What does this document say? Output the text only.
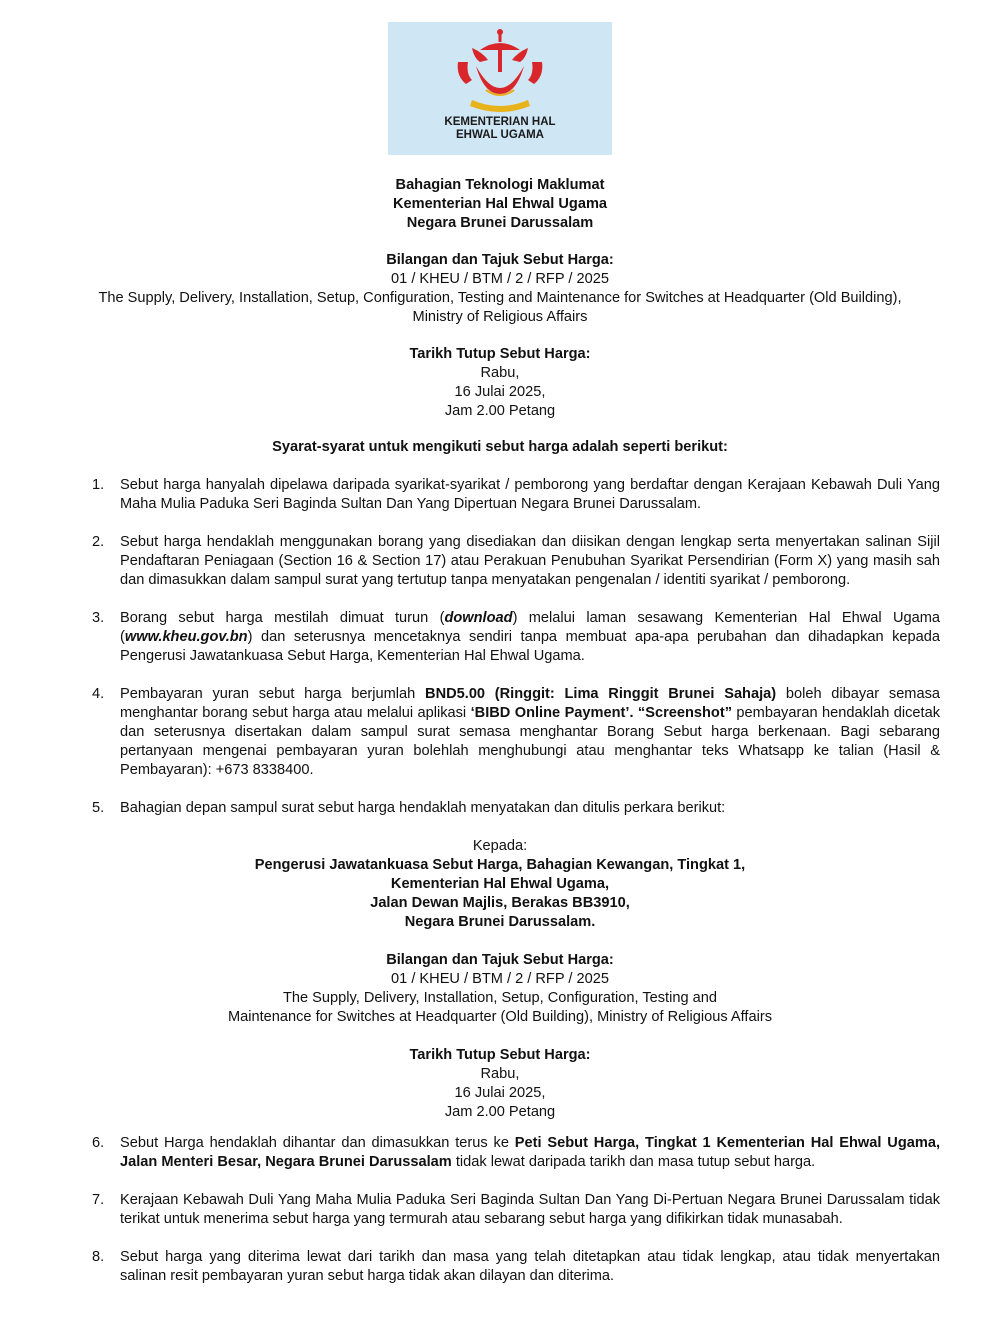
KEMENTERIAN HAL
EHWAL UGAMA
Bahagian Teknologi Maklumat
Kementerian Hal Ehwal Ugama
Negara Brunei Darussalam
Bilangan dan Tajuk Sebut Harga:
01 / KHEU / BTM / 2 / RFP / 2025
The Supply, Delivery, Installation, Setup, Configuration, Testing and Maintenance for Switches at Headquarter (Old Building),
Ministry of Religious Affairs
Tarikh Tutup Sebut Harga:
Rabu,
16 Julai 2025,
Jam 2.00 Petang
Syarat-syarat untuk mengikuti sebut harga adalah seperti berikut:
1. Sebut harga hanyalah dipelawa daripada syarikat-syarikat / pemborong yang berdaftar dengan Kerajaan Kebawah Duli Yang Maha Mulia Paduka Seri Baginda Sultan Dan Yang Dipertuan Negara Brunei Darussalam.
2. Sebut harga hendaklah menggunakan borang yang disediakan dan diisikan dengan lengkap serta menyertakan salinan Sijil Pendaftaran Peniagaan (Section 16 & Section 17) atau Perakuan Penubuhan Syarikat Persendirian (Form X) yang masih sah dan dimasukkan dalam sampul surat yang tertutup tanpa menyatakan pengenalan / identiti syarikat / pemborong.
3. Borang sebut harga mestilah dimuat turun (download) melalui laman sesawang Kementerian Hal Ehwal Ugama (www.kheu.gov.bn) dan seterusnya mencetaknya sendiri tanpa membuat apa-apa perubahan dan dihadapkan kepada Pengerusi Jawatankuasa Sebut Harga, Kementerian Hal Ehwal Ugama.
4. Pembayaran yuran sebut harga berjumlah BND5.00 (Ringgit: Lima Ringgit Brunei Sahaja) boleh dibayar semasa menghantar borang sebut harga atau melalui aplikasi ‘BIBD Online Payment’. “Screenshot” pembayaran hendaklah dicetak dan seterusnya disertakan dalam sampul surat semasa menghantar Borang Sebut harga berkenaan. Bagi sebarang pertanyaan mengenai pembayaran yuran bolehlah menghubungi atau menghantar teks Whatsapp ke talian (Hasil & Pembayaran): +673 8338400.
5. Bahagian depan sampul surat sebut harga hendaklah menyatakan dan ditulis perkara berikut:
Kepada:
Pengerusi Jawatankuasa Sebut Harga, Bahagian Kewangan, Tingkat 1,
Kementerian Hal Ehwal Ugama,
Jalan Dewan Majlis, Berakas BB3910,
Negara Brunei Darussalam.
Bilangan dan Tajuk Sebut Harga:
01 / KHEU / BTM / 2 / RFP / 2025
The Supply, Delivery, Installation, Setup, Configuration, Testing and
Maintenance for Switches at Headquarter (Old Building), Ministry of Religious Affairs
Tarikh Tutup Sebut Harga:
Rabu,
16 Julai 2025,
Jam 2.00 Petang
6. Sebut Harga hendaklah dihantar dan dimasukkan terus ke Peti Sebut Harga, Tingkat 1 Kementerian Hal Ehwal Ugama, Jalan Menteri Besar, Negara Brunei Darussalam tidak lewat daripada tarikh dan masa tutup sebut harga.
7. Kerajaan Kebawah Duli Yang Maha Mulia Paduka Seri Baginda Sultan Dan Yang Di-Pertuan Negara Brunei Darussalam tidak terikat untuk menerima sebut harga yang termurah atau sebarang sebut harga yang difikirkan tidak munasabah.
8. Sebut harga yang diterima lewat dari tarikh dan masa yang telah ditetapkan atau tidak lengkap, atau tidak menyertakan salinan resit pembayaran yuran sebut harga tidak akan dilayan dan diterima.
